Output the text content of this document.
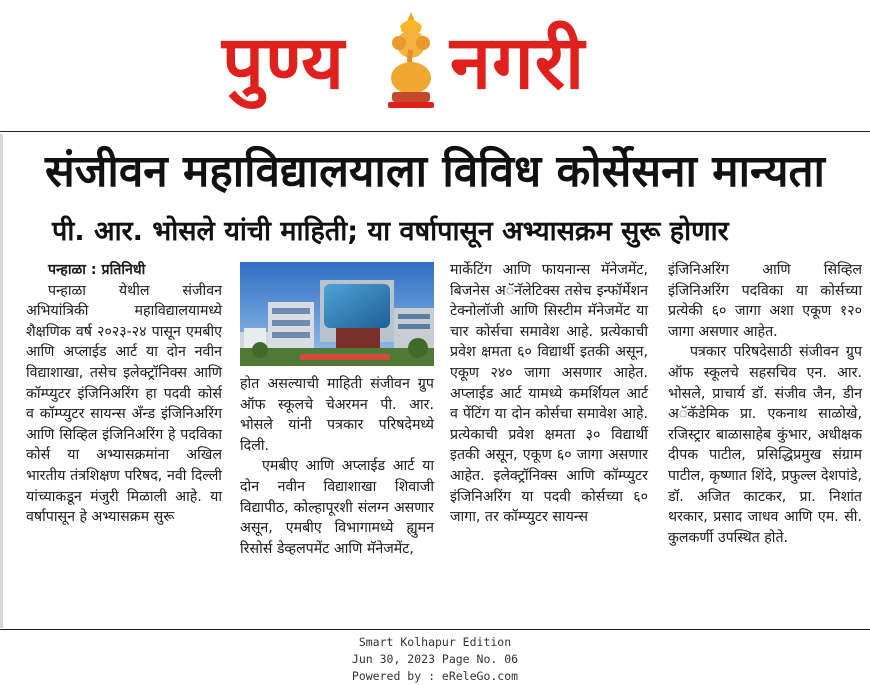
पुण्य नगरी
संजीवन महाविद्यालयाला विविध कोर्सेसना मान्यता
पी. आर. भोसले यांची माहिती; या वर्षापासून अभ्यासक्रम सुरू होणार

पन्हाळा : प्रतिनिधी

पन्हाळा येथील संजीवन अभियांत्रिकी महाविद्यालयामध्ये शैक्षणिक वर्ष २०२३-२४ पासून एमबीए आणि अप्लाईड आर्ट या दोन नवीन विद्याशाखा, तसेच इलेक्ट्रॉनिक्स आणि कॉम्प्युटर इंजिनिअरिंग हा पदवी कोर्स व कॉम्प्युटर सायन्स अँन्ड इंजिनिअरिंग आणि सिव्हिल इंजिनिअरिंग हे पदविका कोर्स या अभ्यासक्रमांना अखिल भारतीय तंत्रशिक्षण परिषद, नवी दिल्ली यांच्याकडून मंजुरी मिळाली आहे. या वर्षापासून हे अभ्यासक्रम सुरू

होत असल्याची माहिती संजीवन ग्रुप ऑफ स्कूलचे चेअरमन पी. आर. भोसले यांनी पत्रकार परिषदेमध्ये दिली.

एमबीए आणि अप्लाईड आर्ट या दोन नवीन विद्याशाखा शिवाजी विद्यापीठ, कोल्हापूरशी संलग्न असणार असून, एमबीए विभागामध्ये ह्युमन रिसोर्स डेव्हलपमेंट आणि मॅनेजमेंट,

मार्केटिंग आणि फायनान्स मॅनेजमेंट, बिजनेस अॅनॅलेटिक्स तसेच इन्फॉर्मेशन टेक्नोलॉजी आणि सिस्टीम मॅनेजमेंट या चार कोर्सचा समावेश आहे. प्रत्येकाची प्रवेश क्षमता ६० विद्यार्थी इतकी असून, एकूण २४० जागा असणार आहेत. अप्लाईड आर्ट यामध्ये कमर्शियल आर्ट व पेंटिंग या दोन कोर्सचा समावेश आहे. प्रत्येकाची प्रवेश क्षमता ३० विद्यार्थी इतकी असून, एकूण ६० जागा असणार आहेत. इलेक्ट्रॉनिक्स आणि कॉम्प्युटर इंजिनिअरिंग या पदवी कोर्सच्या ६० जागा, तर कॉम्प्युटर सायन्स

इंजिनिअरिंग आणि सिव्हिल इंजिनिअरिंग पदविका या कोर्सच्या प्रत्येकी ६० जागा अशा एकूण १२० जागा असणार आहेत.

पत्रकार परिषदेसाठी संजीवन ग्रुप ऑफ स्कूलचे सहसचिव एन. आर. भोसले, प्राचार्य डॉ. संजीव जैन, डीन अॅकॅडेमिक प्रा. एकनाथ साळोखे, रजिस्ट्रार बाळासाहेब कुंभार, अधीक्षक दीपक पाटील, प्रसिद्धिप्रमुख संग्राम पाटील, कृष्णात शिंदे, प्रफुल्ल देशपांडे, डॉ. अजित काटकर, प्रा. निशांत थरकार, प्रसाद जाधव आणि एम. सी. कुलकर्णी उपस्थित होते.

Smart Kolhapur Edition
Jun 30, 2023 Page No. 06
Powered by : eReleGo.com
